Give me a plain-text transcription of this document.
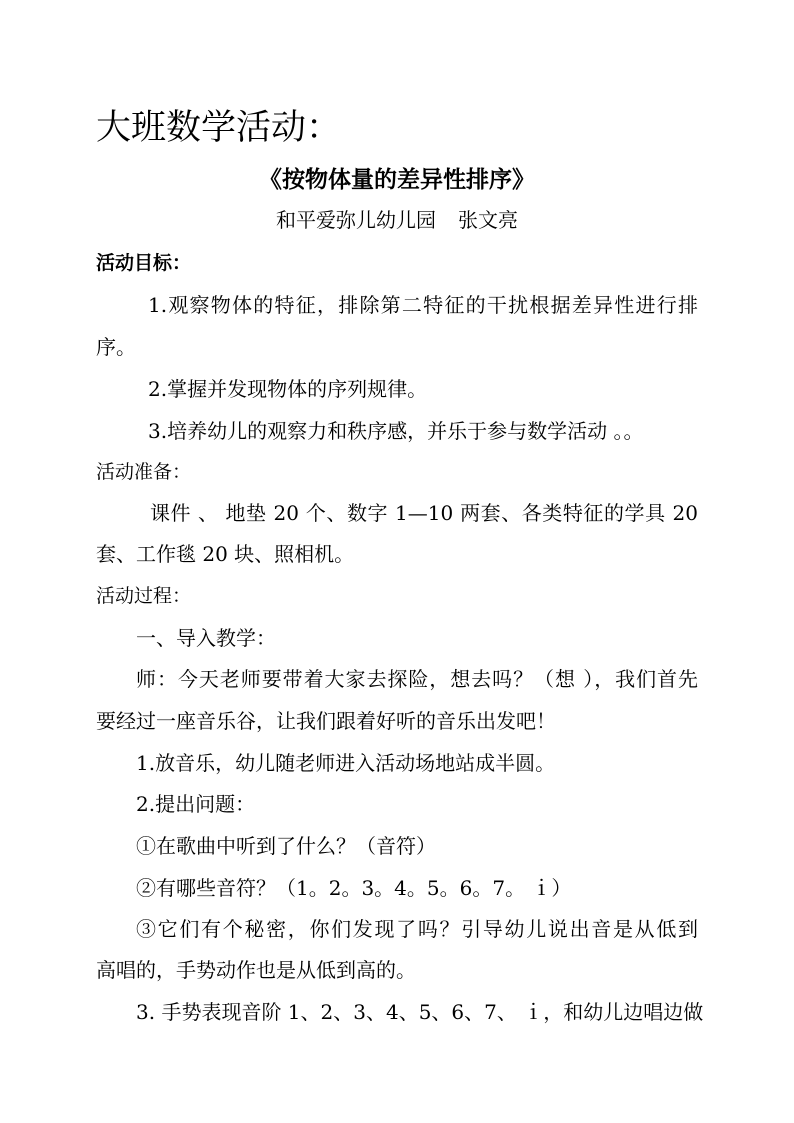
大班数学活动：
《按物体量的差异性排序》
和平爱弥儿幼儿园 张文亮
活动目标：
1.观察物体的特征，排除第二特征的干扰根据差异性进行排
序。
2.掌握并发现物体的序列规律。
3.培养幼儿的观察力和秩序感，并乐于参与数学活动 。。
活动准备：
课件 、 地垫 20 个、数字 1—10 两套、各类特征的学具 20
套、工作毯 20 块、照相机。
活动过程：
一、导入教学：
师：今天老师要带着大家去探险，想去吗？（想 ），我们首先
要经过一座音乐谷，让我们跟着好听的音乐出发吧！
1.放音乐，幼儿随老师进入活动场地站成半圆。
2.提出问题：
①在歌曲中听到了什么？（音符）
②有哪些音符？（1。2。3。4。5。6。7。 ｉ）
③它们有个秘密，你们发现了吗？引导幼儿说出音是从低到
高唱的，手势动作也是从低到高的。
3. 手势表现音阶 1、2、3、4、5、6、7、 ｉ，和幼儿边唱边做
